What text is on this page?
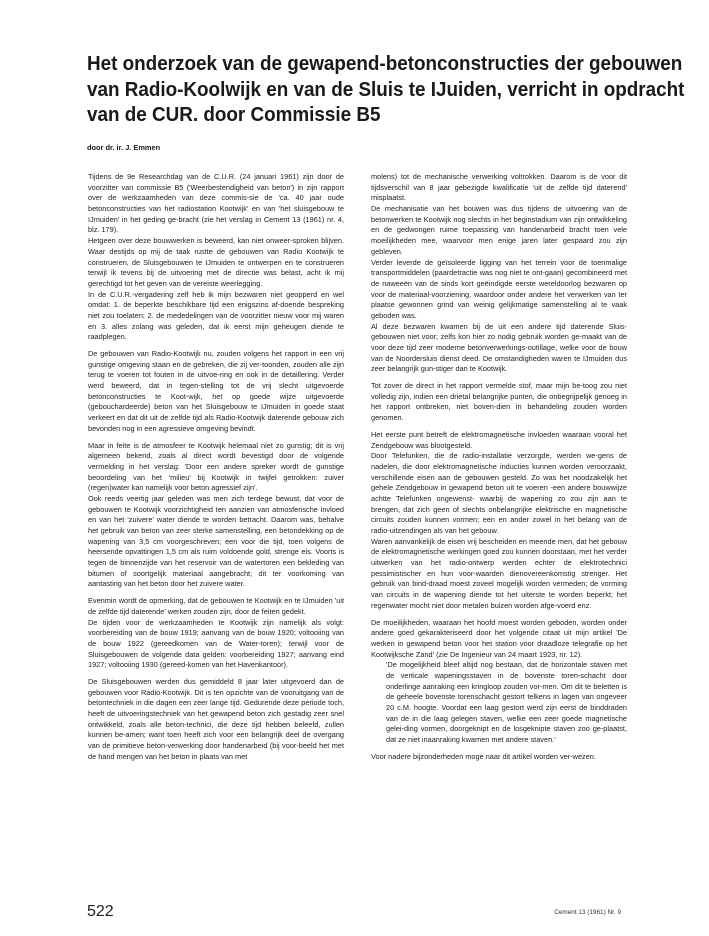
Het onderzoek van de gewapend-betonconstructies der gebouwen
van Radio-Koolwijk en van de Sluis te IJuiden, verricht in opdracht
van de CUR. door Commissie B5
door dr. ir. J. Emmen

Tijdens de 9e Researchdag van de C.U.R. (24 januari 1961) zijn door de voorzitter van commissie B5 ('Weerbestendigheid van beton') in zijn rapport over de werkzaamheden van deze commis-sie de 'ca. 40 jaar oude betonconstructies van het radiostation Kootwijk' en van 'het sluisgebouw te IJmuiden' in het geding ge-bracht (zie het verslag in Cement 13 (1961) nr. 4, blz. 179).

Hetgeen over deze bouwwerken is beweerd, kan niet onweer-sproken blijven. Waar destijds op mij de taak rustte de gebouwen van Radio Kootwijk te construeren, de Sluisgebouwen te IJmuiden te ontwerpen en te construeren terwijl ik tevens bij de uitvoering met de directie was belast, acht ik mij gerechtigd tot het geven van de vereiste weerlegging.

In de C.U.R.-vergadering zelf heb ik mijn bezwaren niet geopperd en wel omdat: 1. de beperkte beschikbare tijd een enigszins af-doende bespreking niet zou toelaten; 2. de mededelingen van de voorzitter nieuw voor mij waren en 3. alles zolang was geleden, dat ik eerst mijn geheugen diende te raadplegen.

De gebouwen van Radio-Kootwijk nu, zouden volgens het rapport in een vrij gunstige omgeving staan en de gebreken, die zij ver-toonden, zouden alle zijn terug te voeren tot fouten in de uitvoe-ring en ook in de detaillering. Verder werd beweerd, dat in tegen-stelling tot de vrij slecht uitgevoerde betonconstructies te Koot-wijk, het op goede wijze uitgevoerde (gebouchardeerde) beton van het Sluisgebouw te IJmuiden in goede staat verkeert en dat dit uit de zelfde tijd als Radio-Kootwijk daterende gebouw zich bevonden nog in een agressieve omgeving bevindt.

Maar in feite is de atmosfeer te Kootwijk helemaal niet zo gunstig; dit is vrij algemeen bekend, zoals al direct wordt bevestigd door de volgende vermelding in het verslag: 'Door een andere spreker wordt de gunstige beoordeling van het 'milieu' bij Kootwijk in twijfel getrokken: zuiver (regen)water kan namelijk voor beton agressief zijn'.

Ook reeds veertig jaar geleden was men zich terdege bewust, dat voor de gebouwen te Kootwijk voorzichtigheid ten aanzien van atmosferische invloed en van het 'zuivere' water diende te worden betracht. Daarom was, behalve het gebruik van beton van zeer sterke samenstelling, een betondekking op de wapening van 3,5 cm voorgeschreven; een voor die tijd, toen volgens de heersende opvattingen 1,5 cm als ruim voldoende gold, strenge eis. Voorts is tegen de binnenzijde van het reservoir van de watertoren een bekleding van bitumen of soortgelijk materiaal aangebracht; dit ter voorkoming van aantasting van het beton door het zuivere water.

Evenmin wordt de opmerking, dat de gebouwen te Kootwijk en te IJmuiden 'uit de zelfde tijd daterende' werken zouden zijn, door de feiten gedekt.

De tijden voor de werkzaamheden te Kootwijk zijn namelijk als volgt: voorbereiding van de bouw 1919; aanvang van de bouw 1920; voltooiing van de bouw 1922 (gereedkomen van de Water-toren); terwijl voor de Sluisgebouwen de volgende data gelden: voorbereiding 1927; aanvang eind 1927; voltooiing 1930 (gereed-komen van het Havenkantoor).

De Sluisgebouwen werden dus gemiddeld 8 jaar later uitgevoerd dan de gebouwen voor Radio-Kootwijk. Dit is ten opzichte van de vooruitgang van de betontechniek in die dagen een zeer lange tijd. Gedurende deze periode toch, heeft de uitvoeringstechniek van het gewapend beton zich gestadig zeer snel ontwikkeld, zoals alle beton-technici, die deze tijd hebben beleefd, zullen kunnen be-amen; want toen heeft zich voor een belangrijk deel de overgang van de primitieve beton-verwerking door handenarbeid (bij voor-beeld het met de hand mengen van het beton in plaats van met

molens) tot de mechanische verwerking voltrokken. Daarom is de voor dit tijdsverschil van 8 jaar gebezigde kwalificatie 'uit de zelfde tijd daterend' misplaatst.

De mechanisatie van het bouwen was dus tijdens de uitvoering van de betonwerken te Kootwijk nog slechts in het beginstadium van zijn ontwikkeling en de gedwongen ruime toepassing van handenarbeid bracht toen vele moeilijkheden mee, waarvoor men enige jaren later gespaard zou zijn gebleven.

Verder leverde de geïsoleerde ligging van het terrein voor de toenmalige transportmiddelen (paardetractie was nog niet te ont-gaan) gecombineerd met de naweeën van de sinds kort geëindigde eerste wereldoorlog bezwaren op voor de materiaal-voorziening, waardoor onder andere het verwerken van ter plaatse gewonnen grind van weinig gelijkmatige samenstelling al te vaak geboden was.

Al deze bezwaren kwamen bij de uit een andere tijd daterende Sluis-gebouwen niet voor; zelfs kon hier zo nodig gebruik worden ge-maakt van de voor deze tijd zeer moderne betonverwerkings-outillage, welke voor de bouw van de Noordersluis dienst deed. De omstandigheden waren te IJmuiden dus zeer belangrijk gun-stiger dan te Kootwijk.

Tot zover de direct in het rapport vermelde stof, maar mijn be-toog zou niet volledig zijn, indien een drietal belangrijke punten, die onbegrijpelijk genoeg in het rapport ontbreken, niet boven-dien in behandeling zouden worden genomen.

Het eerste punt betreft de elektromagnetische invloeden waaraan vooral het Zendgebouw was blootgesteld.

Door Telefunken, die de radio-installatie verzorgde, werden we-gens de nadelen, die door elektromagnetische inducties kunnen worden veroorzaakt, verschillende eisen aan de gebouwen gesteld. Zo was het noodzakelijk het gehele Zendgebouw in gewapend beton uit te voeren -een andere bouwwijze achtte Telefunken ongewenst- waarbij de wapening zo zou zijn aan te brengen, dat zich geen of slechts onbelangrijke elektrische en magnetische circuits zouden kunnen vormen; een en ander zowel in het belang van de radio-uitzendingen als van het gebouw.

Waren aanvankelijk de eisen vrij bescheiden en meende men, dat het gebouw de elektromagnetische werkingen goed zou kunnen doorstaan, met het verder uitwerken van het radio-ontwerp werden echter de elektrotechnici pessimistischer en hun voor-waarden dienovereenkomstig strenger. Het gebruik van bind-draad moest zoveel mogelijk worden vermeden; de vorming van circuits in de wapening diende tot het uiterste te worden beperkt; het regenwater mocht niet door metalen buizen worden afge-voerd enz.

De moeilijkheden, waaraan het hoofd moest worden geboden, worden onder andere goed gekarakteriseerd door het volgende citaat uit mijn artikel 'De werken in gewapend beton voor het station voor draadloze telegrafie op het Kootwijksche Zand' (zie De Ingenieur van 24 maart 1923, nr. 12).

'De mogelijkheid bleef altijd nog bestaan, dat de horizontale staven met de verticale wapeningsstaven in de bovenste toren-schacht door onderlinge aanraking een kringloop zouden vor-men. Om dit te beletten is de geheele bovenste torenschacht gestort telkens in lagen van ongeveer 20 c.M. hoogte. Voordat een laag gestort werd zijn eerst de binddraden van de in die laag gelegen staven, welke een zeer goede magnetische gelei-ding vormen, doorgeknipt en de losgeknipte staven zoo ge-plaatst, dat ze niet inaanraking kwamen met andere staven.'

Voor nadere bijzonderheden moge naar dit artikel worden ver-wezen.

522	Cement 13 (1961) Nr. 9
